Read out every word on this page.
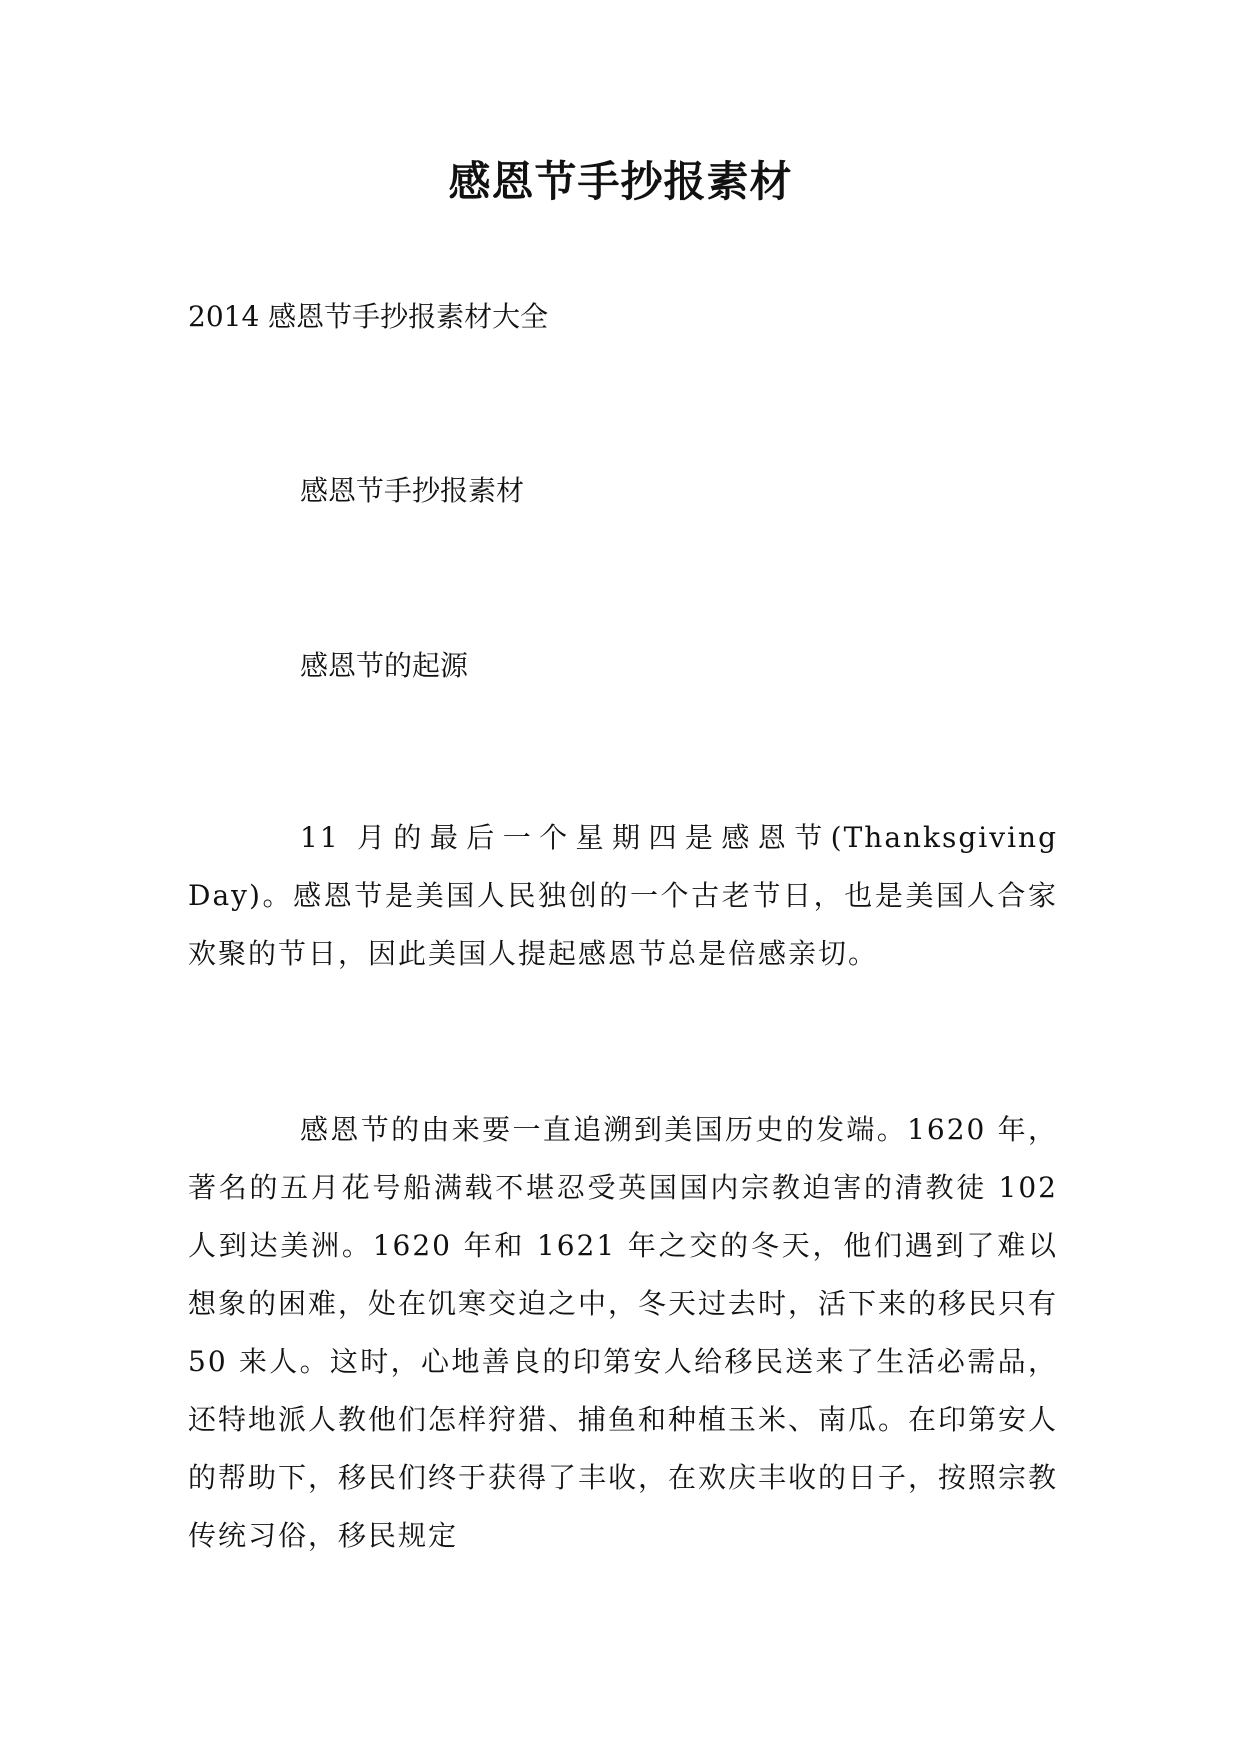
感恩节手抄报素材

2014 感恩节手抄报素材大全

感恩节手抄报素材

感恩节的起源

11 月的最后一个星期四是感恩节(Thanksgiving Day)。感恩节是美国人民独创的一个古老节日，也是美国人合家欢聚的节日，因此美国人提起感恩节总是倍感亲切。

感恩节的由来要一直追溯到美国历史的发端。1620 年，著名的五月花号船满载不堪忍受英国国内宗教迫害的清教徒 102 人到达美洲。1620 年和 1621 年之交的冬天，他们遇到了难以想象的困难，处在饥寒交迫之中，冬天过去时，活下来的移民只有 50 来人。这时，心地善良的印第安人给移民送来了生活必需品，还特地派人教他们怎样狩猎、捕鱼和种植玉米、南瓜。在印第安人的帮助下，移民们终于获得了丰收，在欢庆丰收的日子，按照宗教传统习俗，移民规定
